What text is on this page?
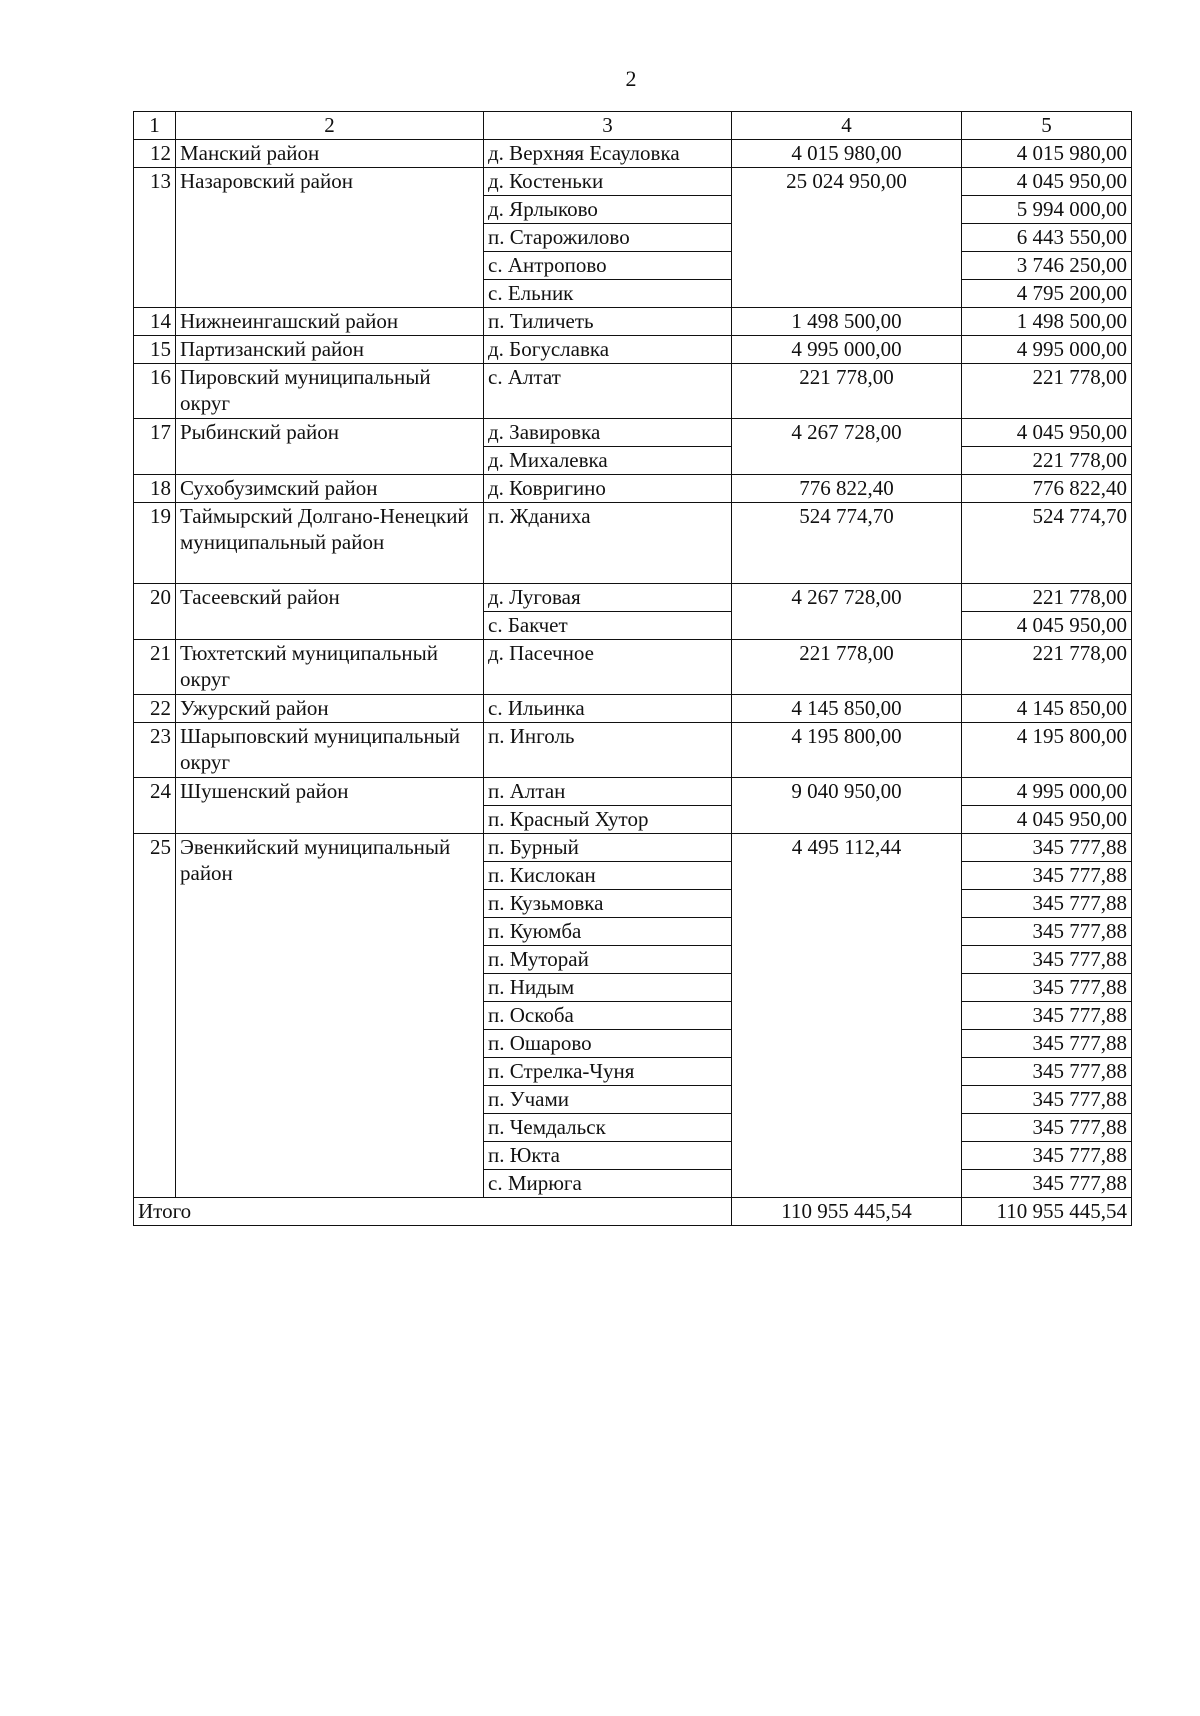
2
1	2	3	4	5
12	Манский район	д. Верхняя Есауловка	4 015 980,00	4 015 980,00
13	Назаровский район	д. Костеньки	25 024 950,00	4 045 950,00
		д. Ярлыково		5 994 000,00
		п. Старожилово		6 443 550,00
		с. Антропово		3 746 250,00
		с. Ельник		4 795 200,00
14	Нижнеингашский район	п. Тиличеть	1 498 500,00	1 498 500,00
15	Партизанский район	д. Богуславка	4 995 000,00	4 995 000,00
16	Пировский муниципальный округ	с. Алтат	221 778,00	221 778,00
17	Рыбинский район	д. Завировка	4 267 728,00	4 045 950,00
		д. Михалевка		221 778,00
18	Сухобузимский район	д. Ковригино	776 822,40	776 822,40
19	Таймырский Долгано-Ненецкий муниципальный район	п. Жданиха	524 774,70	524 774,70
20	Тасеевский район	д. Луговая	4 267 728,00	221 778,00
		с. Бакчет		4 045 950,00
21	Тюхтетский муниципальный округ	д. Пасечное	221 778,00	221 778,00
22	Ужурский район	с. Ильинка	4 145 850,00	4 145 850,00
23	Шарыповский муниципальный округ	п. Инголь	4 195 800,00	4 195 800,00
24	Шушенский район	п. Алтан	9 040 950,00	4 995 000,00
		п. Красный Хутор		4 045 950,00
25	Эвенкийский муниципальный район	п. Бурный	4 495 112,44	345 777,88
		п. Кислокан		345 777,88
		п. Кузьмовка		345 777,88
		п. Куюмба		345 777,88
		п. Муторай		345 777,88
		п. Нидым		345 777,88
		п. Оскоба		345 777,88
		п. Ошарово		345 777,88
		п. Стрелка-Чуня		345 777,88
		п. Учами		345 777,88
		п. Чемдальск		345 777,88
		п. Юкта		345 777,88
		с. Мирюга		345 777,88
Итого			110 955 445,54	110 955 445,54
